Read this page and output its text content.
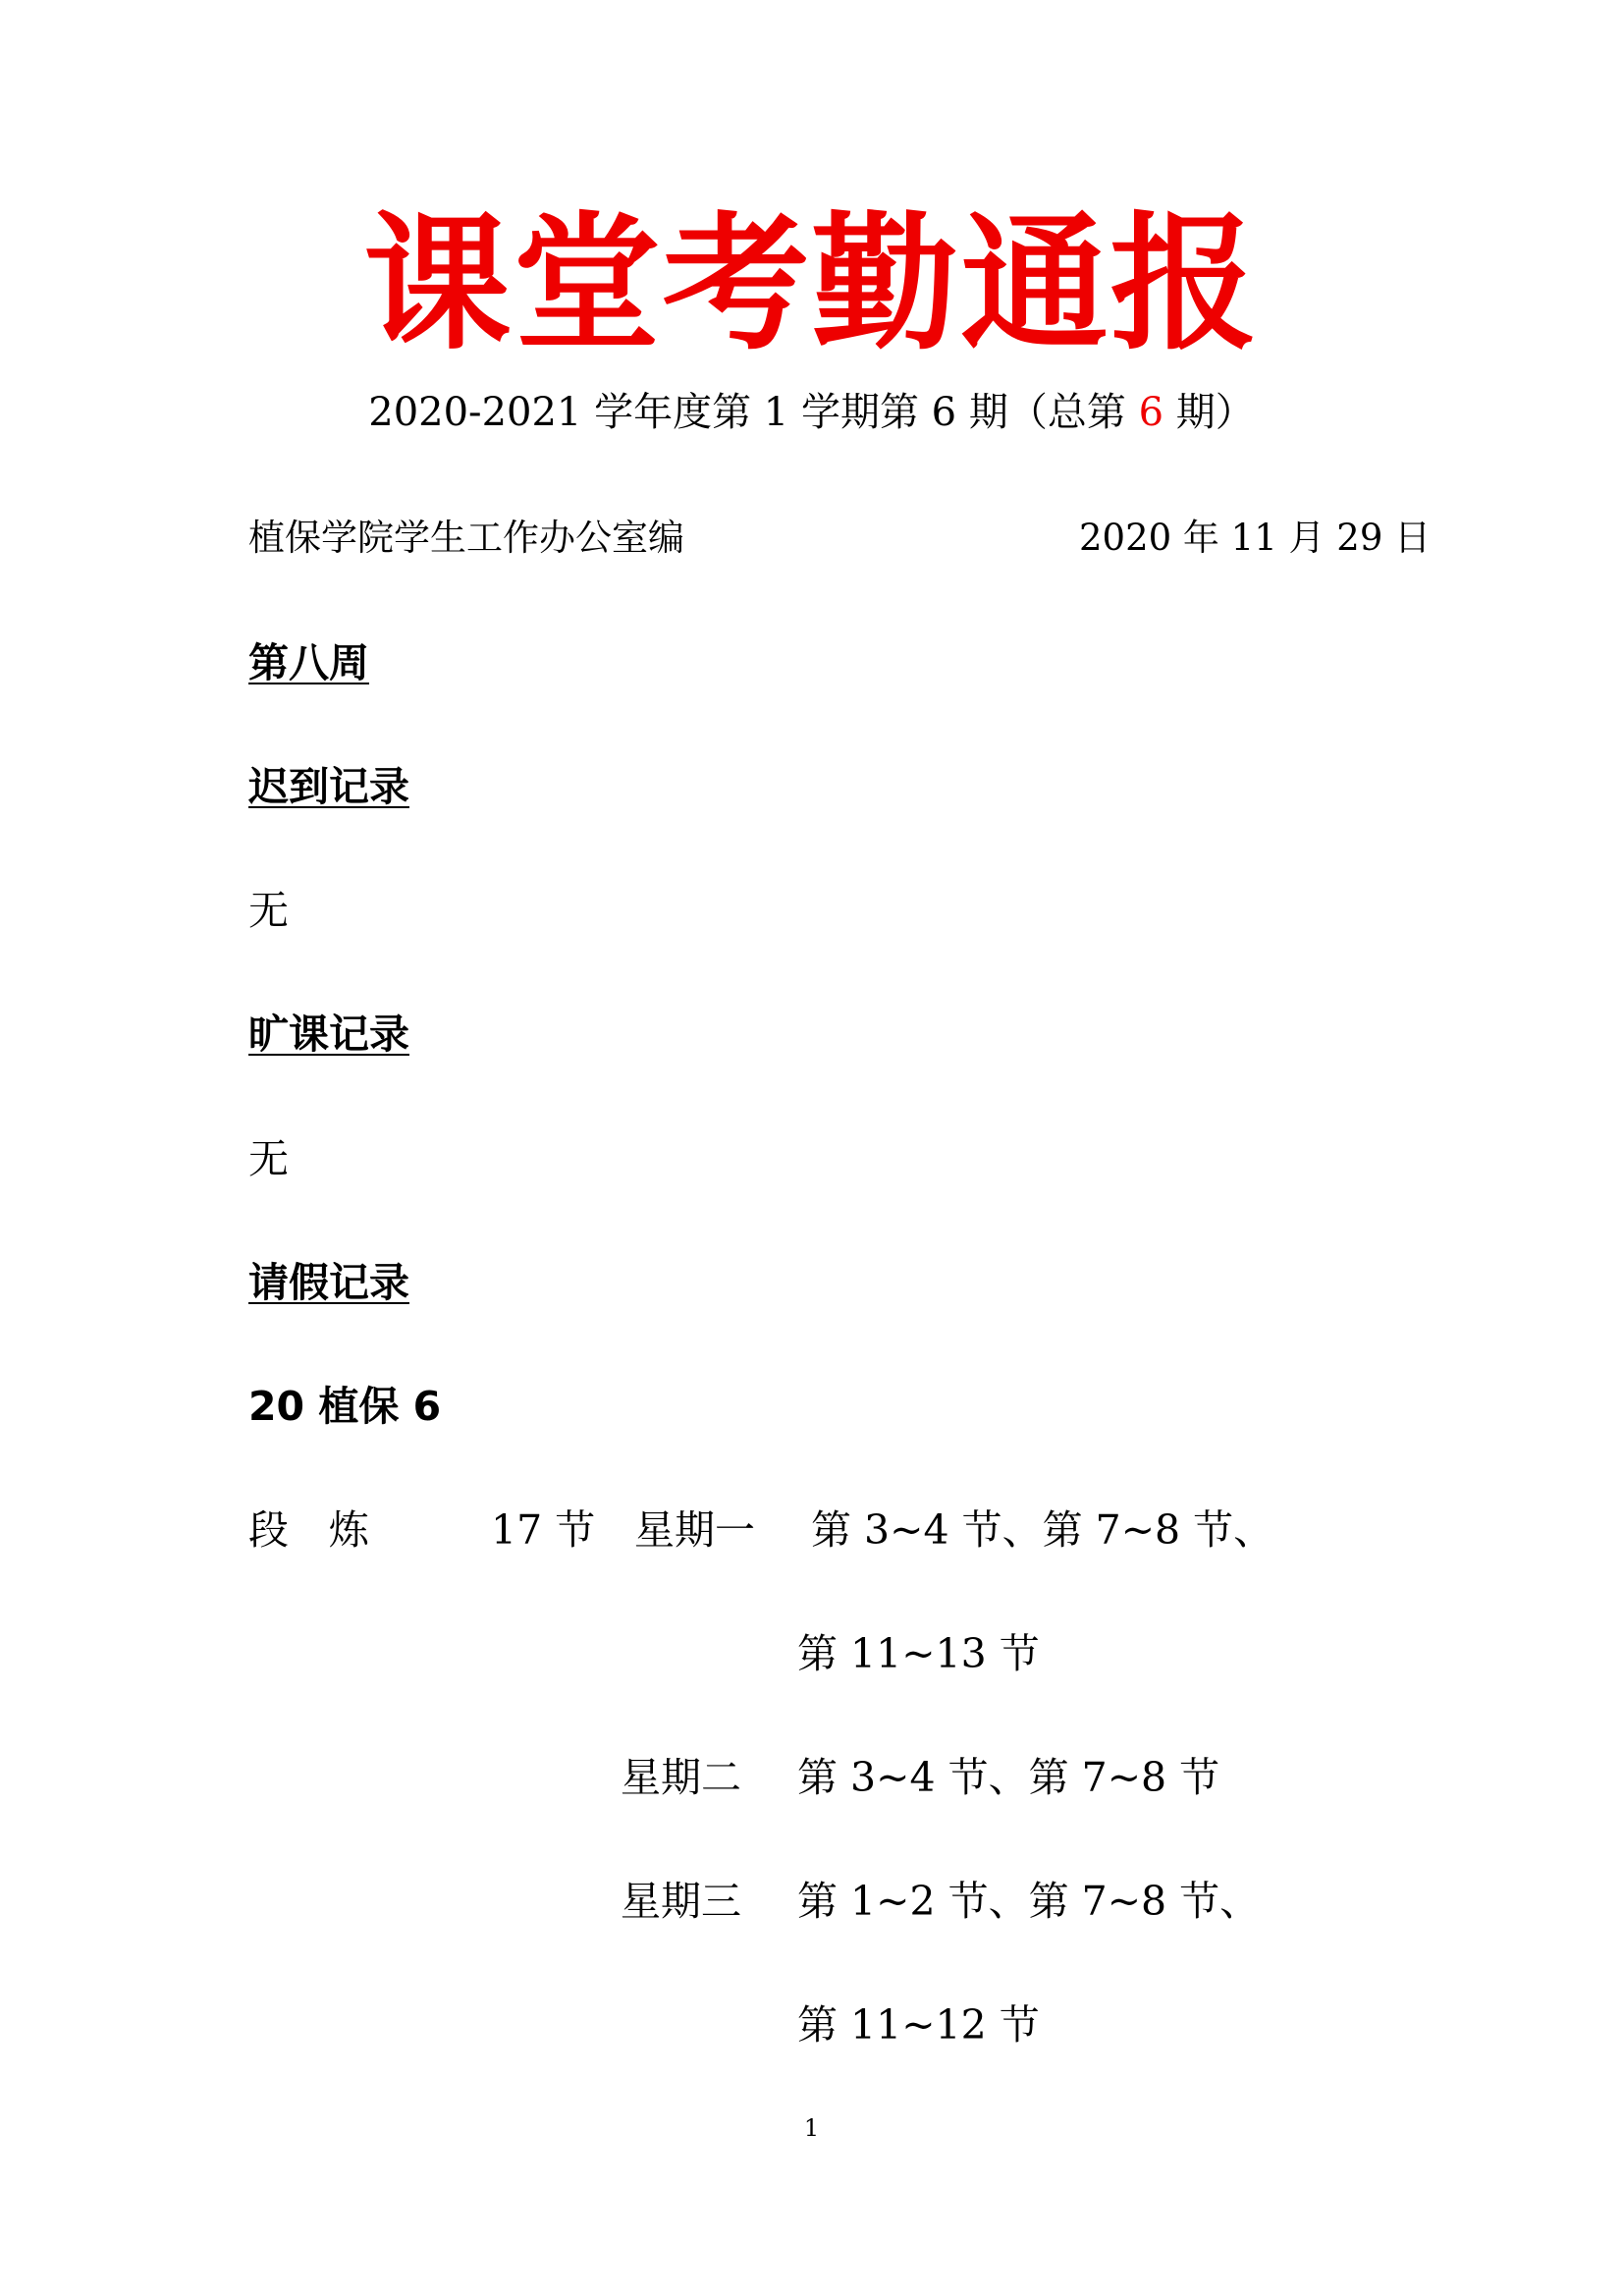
课堂考勤通报
2020-2021 学年度第 1 学期第 6 期（总第 6 期）
植保学院学生工作办公室编	2020 年 11 月 29 日
第八周
迟到记录
无
旷课记录
无
请假记录
20 植保 6
段　炼	17 节 星期一 第 3~4 节、第 7~8 节、
第 11~13 节
星期二 第 3~4 节、第 7~8 节
星期三 第 1~2 节、第 7~8 节、
第 11~12 节
1
